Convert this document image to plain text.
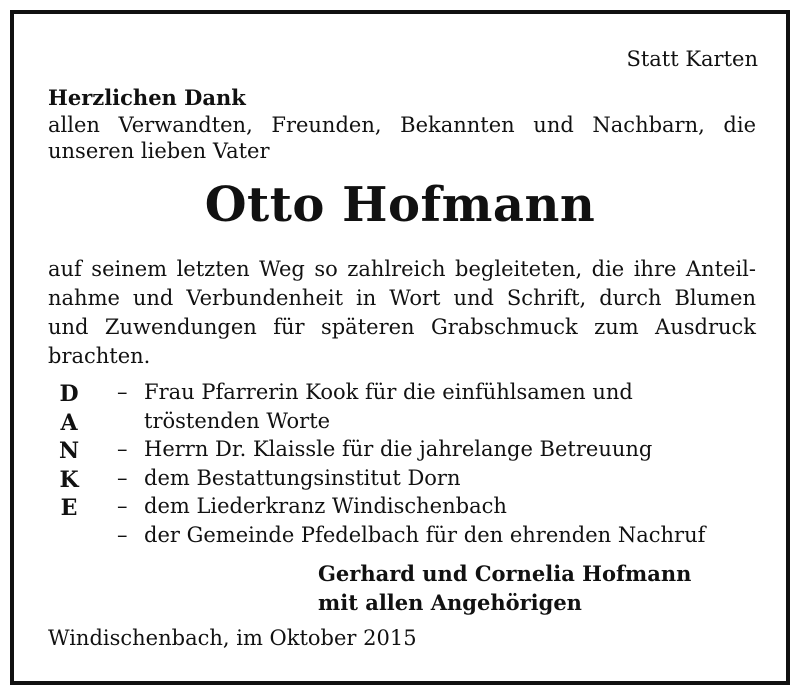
Statt Karten
Herzlichen Dank
allen Verwandten, Freunden, Bekannten und Nachbarn, die
unseren lieben Vater
Otto Hofmann
auf seinem letzten Weg so zahlreich begleiteten, die ihre Anteil-
nahme und Verbundenheit in Wort und Schrift, durch Blumen
und Zuwendungen für späteren Grabschmuck zum Ausdruck
brachten.
D
A
N
K
E
– Frau Pfarrerin Kook für die einfühlsamen und
tröstenden Worte
– Herrn Dr. Klaissle für die jahrelange Betreuung
– dem Bestattungsinstitut Dorn
– dem Liederkranz Windischenbach
– der Gemeinde Pfedelbach für den ehrenden Nachruf
Gerhard und Cornelia Hofmann
mit allen Angehörigen
Windischenbach, im Oktober 2015
